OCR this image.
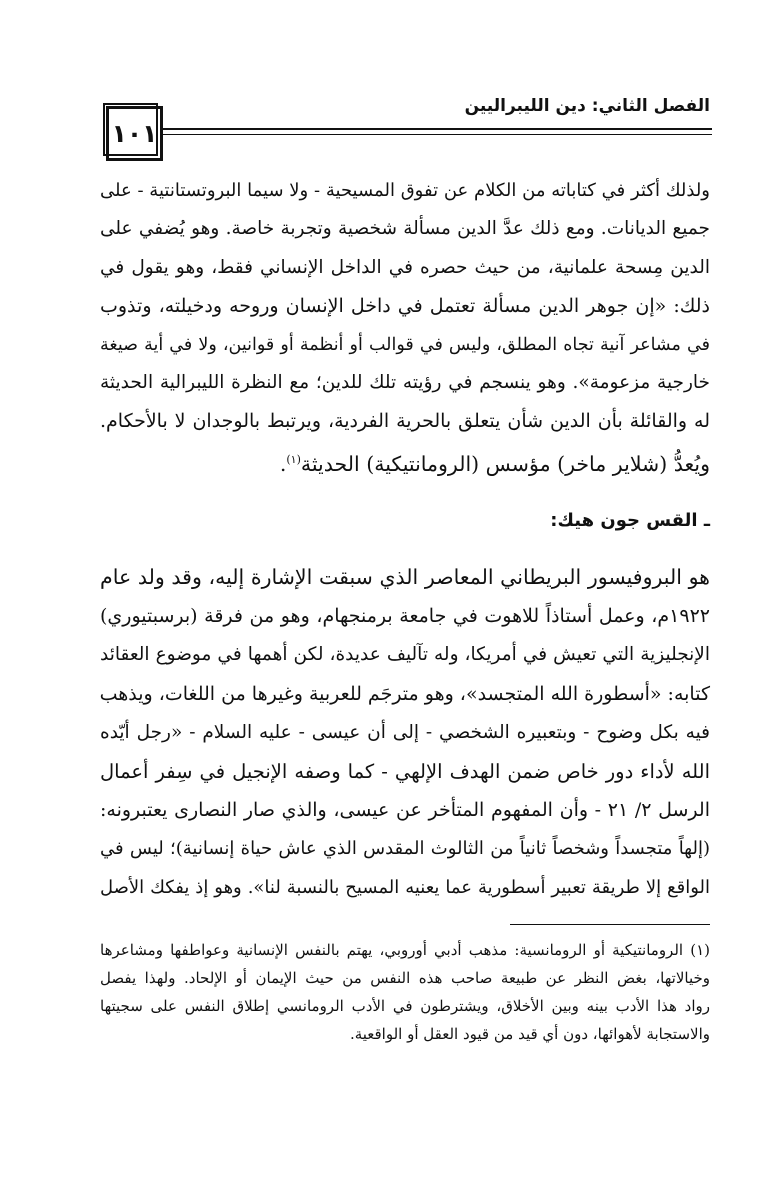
الفصل الثاني: دين الليبراليين
١٠١
ولذلك أكثر في كتاباته من الكلام عن تفوق المسيحية - ولا سيما البروتستانتية - على
جميع الديانات. ومع ذلك عدَّ الدين مسألة شخصية وتجربة خاصة. وهو يُضفي على
الدين مِسحة علمانية، من حيث حصره في الداخل الإنساني فقط، وهو يقول في
ذلك: «إن جوهر الدين مسألة تعتمل في داخل الإنسان وروحه ودخيلته، وتذوب
في مشاعر آنية تجاه المطلق، وليس في قوالب أو أنظمة أو قوانين، ولا في أية صيغة
خارجية مزعومة». وهو ينسجم في رؤيته تلك للدين؛ مع النظرة الليبرالية الحديثة
له والقائلة بأن الدين شأن يتعلق بالحرية الفردية، ويرتبط بالوجدان لا بالأحكام.
ويُعدُّ (شلاير ماخر) مؤسس (الرومانتيكية) الحديثة$^{(١)}$.
ـ القس جون هيك:
هو البروفيسور البريطاني المعاصر الذي سبقت الإشارة إليه، وقد ولد عام
١٩٢٢م، وعمل أستاذاً للاهوت في جامعة برمنجهام، وهو من فرقة (برسبتيوري)
الإنجليزية التي تعيش في أمريكا، وله تآليف عديدة، لكن أهمها في موضوع العقائد
كتابه: «أسطورة الله المتجسد»، وهو مترجَم للعربية وغيرها من اللغات، ويذهب
فيه بكل وضوح - وبتعبيره الشخصي - إلى أن عيسى - عليه السلام - «رجل أيّده
الله لأداء دور خاص ضمن الهدف الإلهي - كما وصفه الإنجيل في سِفر أعمال
الرسل ٢/ ٢١ - وأن المفهوم المتأخر عن عيسى، والذي صار النصارى يعتبرونه:
(إلهاً متجسداً وشخصاً ثانياً من الثالوث المقدس الذي عاش حياة إنسانية)؛ ليس في
الواقع إلا طريقة تعبير أسطورية عما يعنيه المسيح بالنسبة لنا». وهو إذ يفكك الأصل
(١) الرومانتيكية أو الرومانسية: مذهب أدبي أوروبي، يهتم بالنفس الإنسانية وعواطفها ومشاعرها
وخيالاتها، بغض النظر عن طبيعة صاحب هذه النفس من حيث الإيمان أو الإلحاد. ولهذا يفصل
رواد هذا الأدب بينه وبين الأخلاق، ويشترطون في الأدب الرومانسي إطلاق النفس على سجيتها
والاستجابة لأهوائها، دون أي قيد من قيود العقل أو الواقعية.
